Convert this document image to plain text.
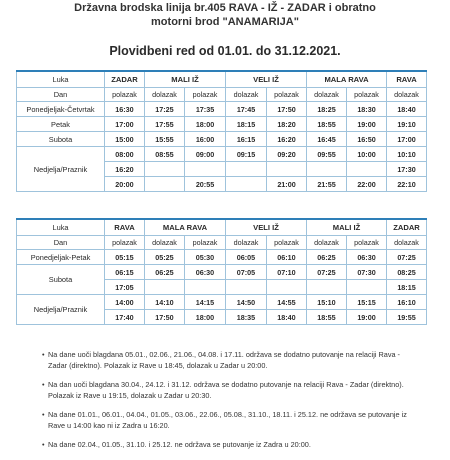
Državna brodska linija br.405 RAVA - IŽ - ZADAR i obratno
motorni brod "ANAMARIJA"
Plovidbeni red od 01.01. do 31.12.2021.
Luka	ZADAR	MALI IŽ		VELI IŽ		MALA RAVA		RAVA
Dan	polazak	dolazak	polazak	dolazak	polazak	dolazak	polazak	dolazak
Ponedjeljak-Četvrtak	16:30	17:25	17:35	17:45	17:50	18:25	18:30	18:40
Petak	17:00	17:55	18:00	18:15	18:20	18:55	19:00	19:10
Subota	15:00	15:55	16:00	16:15	16:20	16:45	16:50	17:00
Nedjelja/Praznik	08:00	08:55	09:00	09:15	09:20	09:55	10:00	10:10
	16:20							17:30
	20:00		20:55		21:00	21:55	22:00	22:10
Luka	RAVA	MALA RAVA		VELI IŽ		MALI IŽ		ZADAR
Dan	polazak	dolazak	polazak	dolazak	polazak	dolazak	polazak	dolazak
Ponedjeljak-Petak	05:15	05:25	05:30	06:05	06:10	06:25	06:30	07:25
Subota	06:15	06:25	06:30	07:05	07:10	07:25	07:30	08:25
	17:05							18:15
Nedjelja/Praznik	14:00	14:10	14:15	14:50	14:55	15:10	15:15	16:10
	17:40	17:50	18:00	18:35	18:40	18:55	19:00	19:55
• Na dane uoči blagdana 05.01., 02.06., 21.06., 04.08. i 17.11. održava se dodatno putovanje na relaciji Rava - Zadar (direktno). Polazak iz Rave u 18:45, dolazak u Zadar u 20:00.
• Na dan uoči blagdana 30.04., 24.12. i 31.12. održava se dodatno putovanje na relaciji Rava - Zadar (direktno). Polazak iz Rave u 19:15, dolazak u Zadar u 20:30.
• Na dane 01.01., 06.01., 04.04., 01.05., 03.06., 22.06., 05.08., 31.10., 18.11. i 25.12. ne održava se putovanje iz Rave u 14:00 kao ni iz Zadra u 16:20.
• Na dane 02.04., 01.05., 31.10. i 25.12. ne održava se putovanje iz Zadra u 20:00.
